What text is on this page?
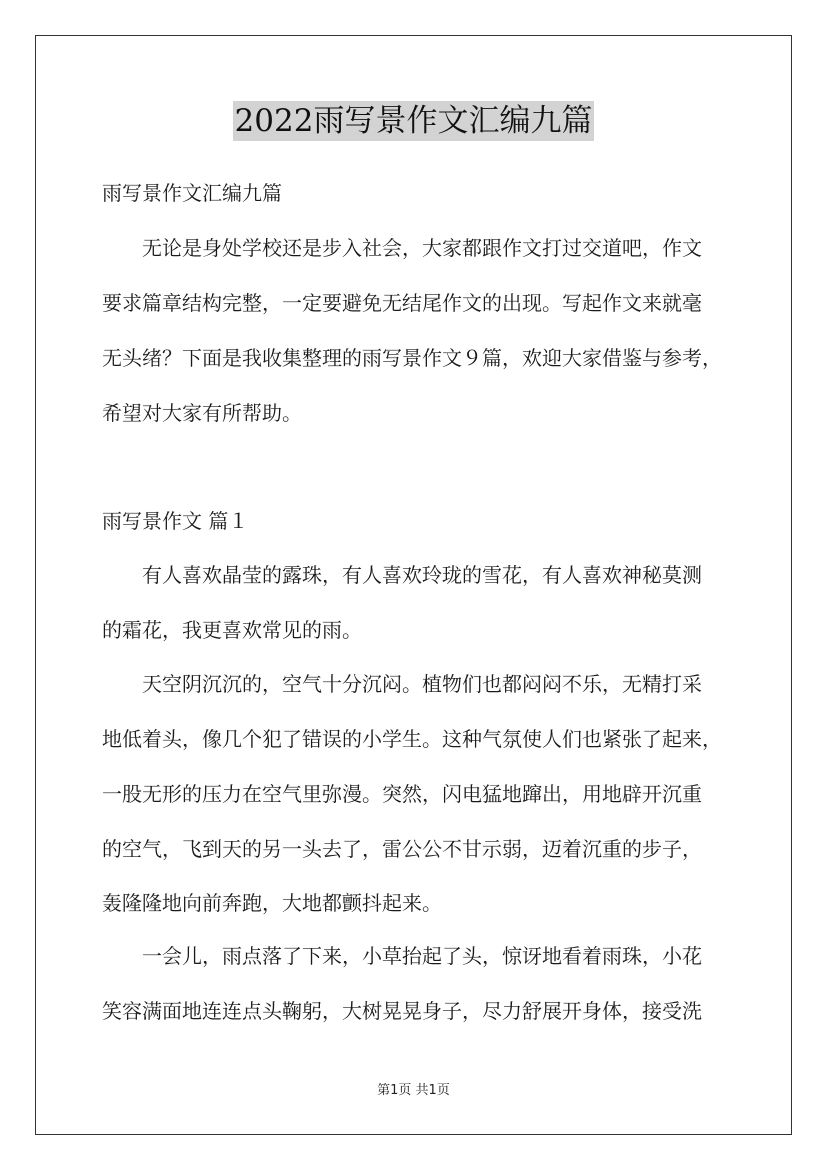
2022雨写景作文汇编九篇
雨写景作文汇编九篇
无论是身处学校还是步入社会，大家都跟作文打过交道吧，作文
要求篇章结构完整，一定要避免无结尾作文的出现。写起作文来就毫
无头绪？下面是我收集整理的雨写景作文９篇，欢迎大家借鉴与参考，
希望对大家有所帮助。
雨写景作文 篇１
有人喜欢晶莹的露珠，有人喜欢玲珑的雪花，有人喜欢神秘莫测
的霜花，我更喜欢常见的雨。
天空阴沉沉的，空气十分沉闷。植物们也都闷闷不乐，无精打采
地低着头，像几个犯了错误的小学生。这种气氛使人们也紧张了起来，
一股无形的压力在空气里弥漫。突然，闪电猛地蹿出，用地辟开沉重
的空气，飞到天的另一头去了，雷公公不甘示弱，迈着沉重的步子，
轰隆隆地向前奔跑，大地都颤抖起来。
一会儿，雨点落了下来，小草抬起了头，惊讶地看着雨珠，小花
笑容满面地连连点头鞠躬，大树晃晃身子，尽力舒展开身体，接受洗
第1页 共1页
